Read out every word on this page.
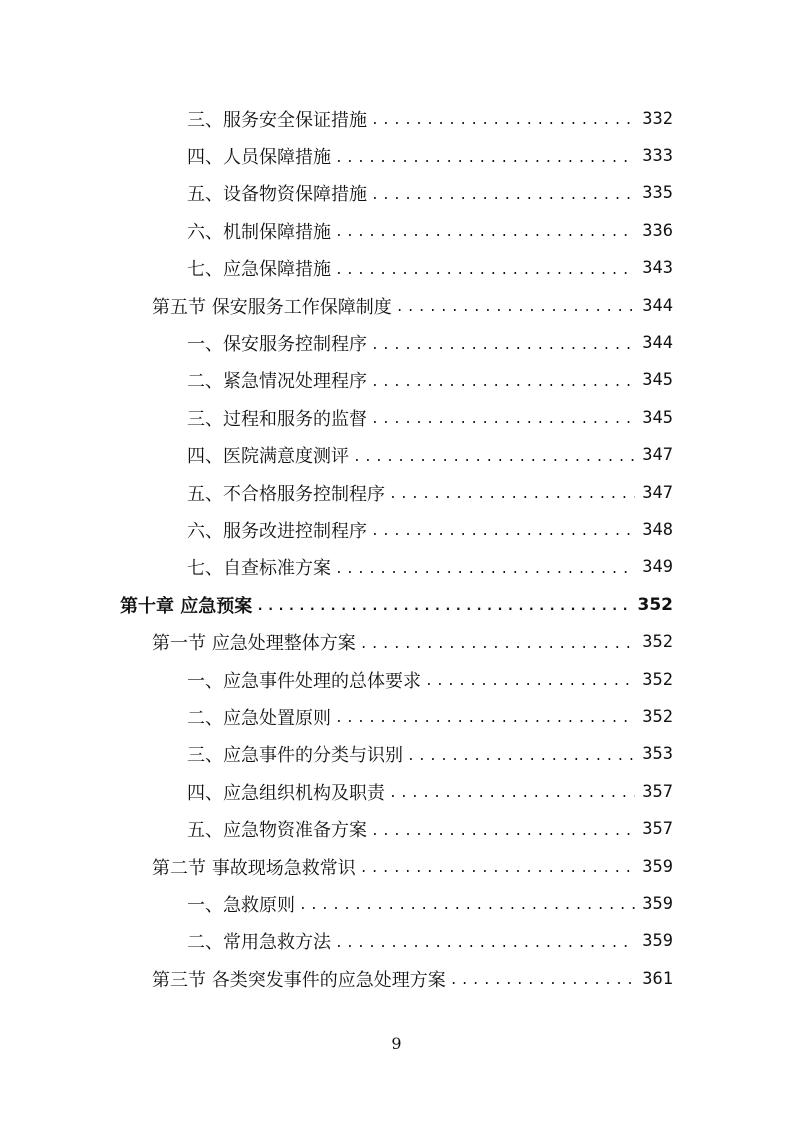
三、服务安全保证措施 .....	332
四、人员保障措施 .....	333
五、设备物资保障措施 .....	335
六、机制保障措施 .....	336
七、应急保障措施 .....	343
第五节 保安服务工作保障制度 .....	344
一、保安服务控制程序 .....	344
二、紧急情况处理程序 .....	345
三、过程和服务的监督 .....	345
四、医院满意度测评 .....	347
五、不合格服务控制程序 .....	347
六、服务改进控制程序 .....	348
七、自查标准方案 .....	349
第十章 应急预案 .....	352
第一节 应急处理整体方案 .....	352
一、应急事件处理的总体要求 .....	352
二、应急处置原则 .....	352
三、应急事件的分类与识别 .....	353
四、应急组织机构及职责 .....	357
五、应急物资准备方案 .....	357
第二节 事故现场急救常识 .....	359
一、急救原则 .....	359
二、常用急救方法 .....	359
第三节 各类突发事件的应急处理方案 .....	361
9
